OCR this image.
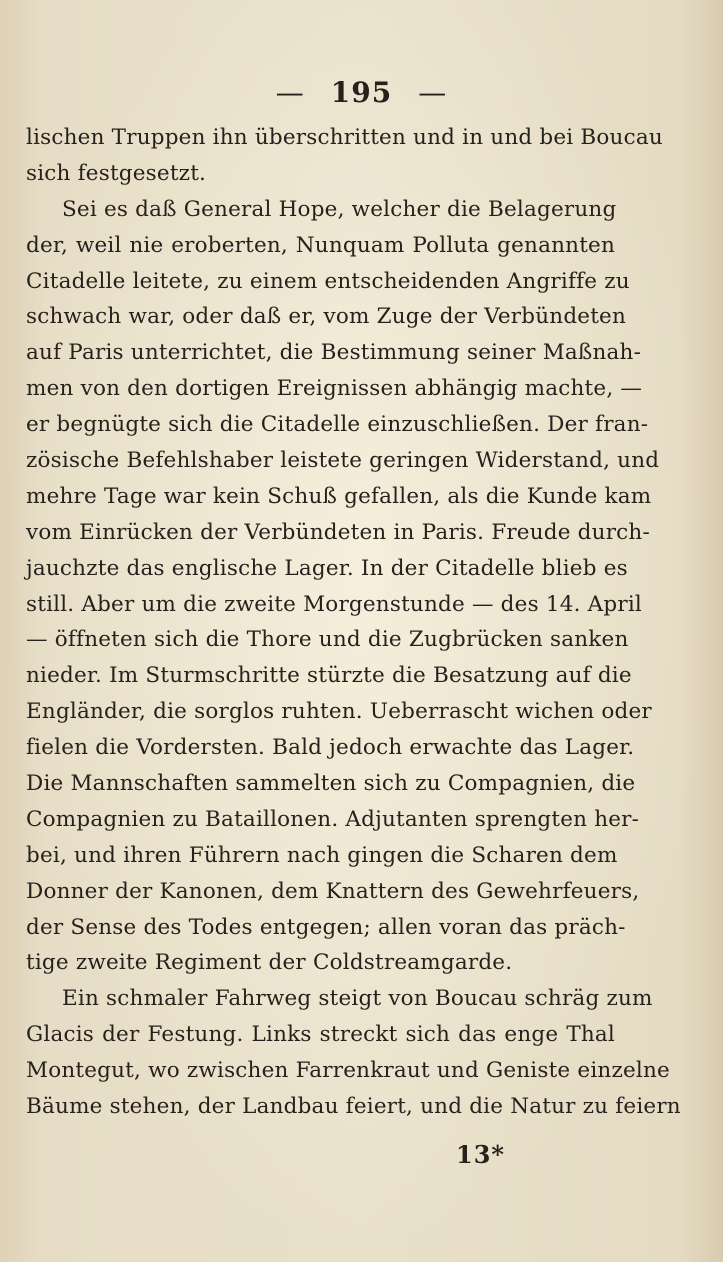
— 195 —
lischen Truppen ihn überschritten und in und bei Boucau
sich festgesetzt.
Sei es daß General Hope, welcher die Belagerung
der, weil nie eroberten, Nunquam Polluta genannten
Citadelle leitete, zu einem entscheidenden Angriffe zu
schwach war, oder daß er, vom Zuge der Verbündeten
auf Paris unterrichtet, die Bestimmung seiner Maßnah-
men von den dortigen Ereignissen abhängig machte, —
er begnügte sich die Citadelle einzuschließen. Der fran-
zösische Befehlshaber leistete geringen Widerstand, und
mehre Tage war kein Schuß gefallen, als die Kunde kam
vom Einrücken der Verbündeten in Paris. Freude durch-
jauchzte das englische Lager. In der Citadelle blieb es
still. Aber um die zweite Morgenstunde — des 14. April
— öffneten sich die Thore und die Zugbrücken sanken
nieder. Im Sturmschritte stürzte die Besatzung auf die
Engländer, die sorglos ruhten. Ueberrascht wichen oder
fielen die Vordersten. Bald jedoch erwachte das Lager.
Die Mannschaften sammelten sich zu Compagnien, die
Compagnien zu Bataillonen. Adjutanten sprengten her-
bei, und ihren Führern nach gingen die Scharen dem
Donner der Kanonen, dem Knattern des Gewehrfeuers,
der Sense des Todes entgegen; allen voran das präch-
tige zweite Regiment der Coldstreamgarde.
Ein schmaler Fahrweg steigt von Boucau schräg zum
Glacis der Festung. Links streckt sich das enge Thal
Montegut, wo zwischen Farrenkraut und Geniste einzelne
Bäume stehen, der Landbau feiert, und die Natur zu feiern
13*
